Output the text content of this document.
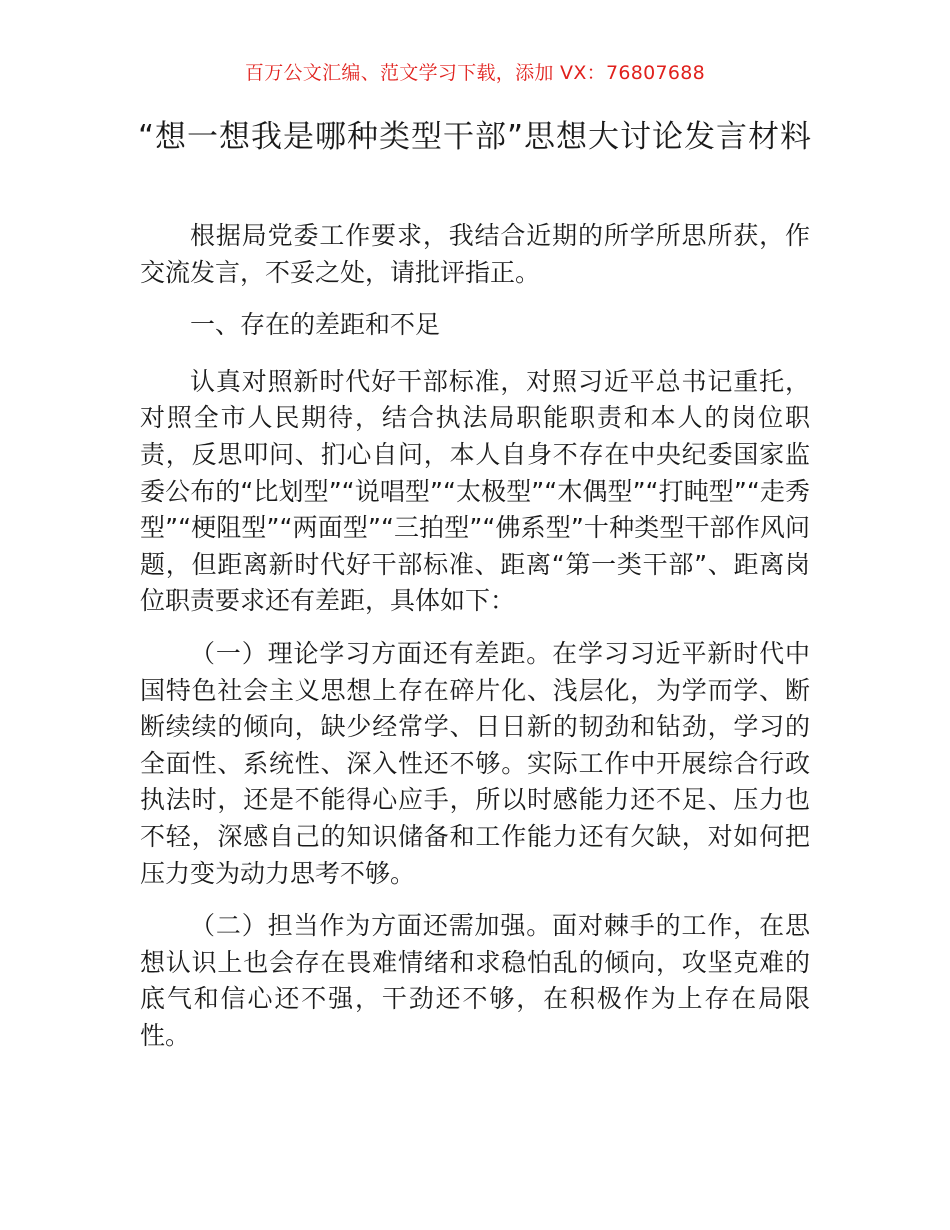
百万公文汇编、范文学习下载，添加 VX：76807688
“想一想我是哪种类型干部”思想大讨论发言材料

根据局党委工作要求，我结合近期的所学所思所获，作交流发言，不妥之处，请批评指正。

一、存在的差距和不足

认真对照新时代好干部标准，对照习近平总书记重托，对照全市人民期待，结合执法局职能职责和本人的岗位职责，反思叩问、扪心自问，本人自身不存在中央纪委国家监委公布的“比划型”“说唱型”“太极型”“木偶型”“打盹型”“走秀型”“梗阻型”“两面型”“三拍型”“佛系型”十种类型干部作风问题，但距离新时代好干部标准、距离“第一类干部”、距离岗位职责要求还有差距，具体如下：

（一）理论学习方面还有差距。在学习习近平新时代中国特色社会主义思想上存在碎片化、浅层化，为学而学、断断续续的倾向，缺少经常学、日日新的韧劲和钻劲，学习的全面性、系统性、深入性还不够。实际工作中开展综合行政执法时，还是不能得心应手，所以时感能力还不足、压力也不轻，深感自己的知识储备和工作能力还有欠缺，对如何把压力变为动力思考不够。

（二）担当作为方面还需加强。面对棘手的工作，在思想认识上也会存在畏难情绪和求稳怕乱的倾向，攻坚克难的底气和信心还不强，干劲还不够，在积极作为上存在局限性。
